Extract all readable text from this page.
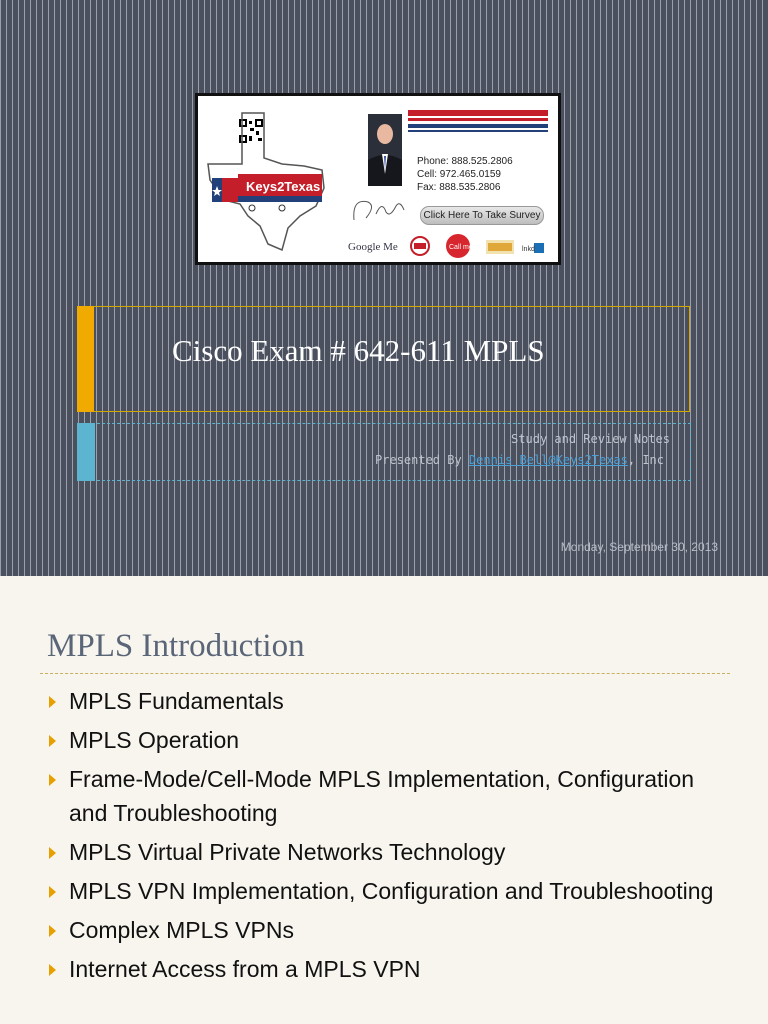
Keys2Texas
Phone: 888.525.2806
Cell: 972.465.0159
Fax: 888.535.2806
Click Here To Take Survey
Google Me	Call me	lnkd
Cisco Exam # 642-611 MPLS
Study and Review Notes
Presented By Dennis Bell@Keys2Texas, Inc
Monday, September 30, 2013
MPLS Introduction
MPLS Fundamentals
MPLS Operation
Frame-Mode/Cell-Mode MPLS Implementation, Configuration and Troubleshooting
MPLS Virtual Private Networks Technology
MPLS VPN Implementation, Configuration and Troubleshooting
Complex MPLS VPNs
Internet Access from a MPLS VPN
